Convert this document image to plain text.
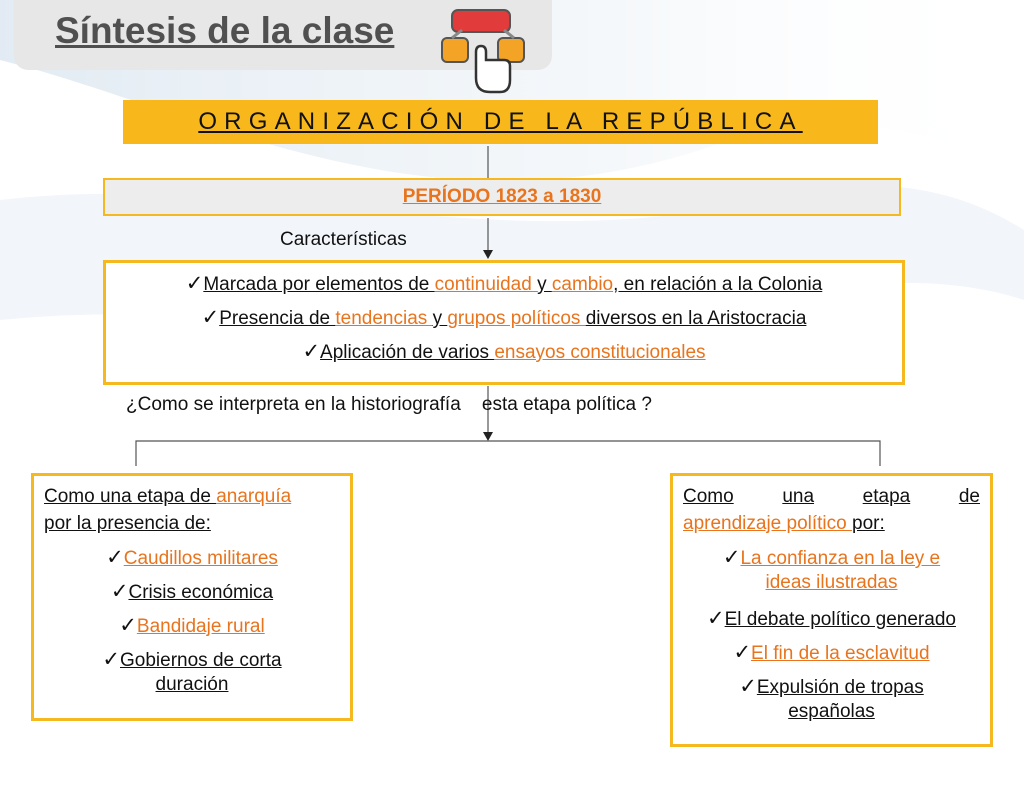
Síntesis de la clase
ORGANIZACIÓN DE LA REPÚBLICA
PERÍODO 1823 a 1830
Características
✓Marcada por elementos de continuidad y cambio, en relación a la Colonia
✓Presencia de tendencias y grupos políticos diversos en la Aristocracia
✓Aplicación de varios ensayos constitucionales
¿Como se interpreta en la historiografía    esta etapa política ?
Como una etapa de anarquía
por la presencia de:
✓Caudillos militares
✓Crisis económica
✓Bandidaje rural
✓Gobiernos de corta
duración
Como	una	etapa	de
aprendizaje político por:
✓La confianza en la ley e
ideas ilustradas
✓El debate político generado
✓El fin de la esclavitud
✓Expulsión de tropas
españolas
